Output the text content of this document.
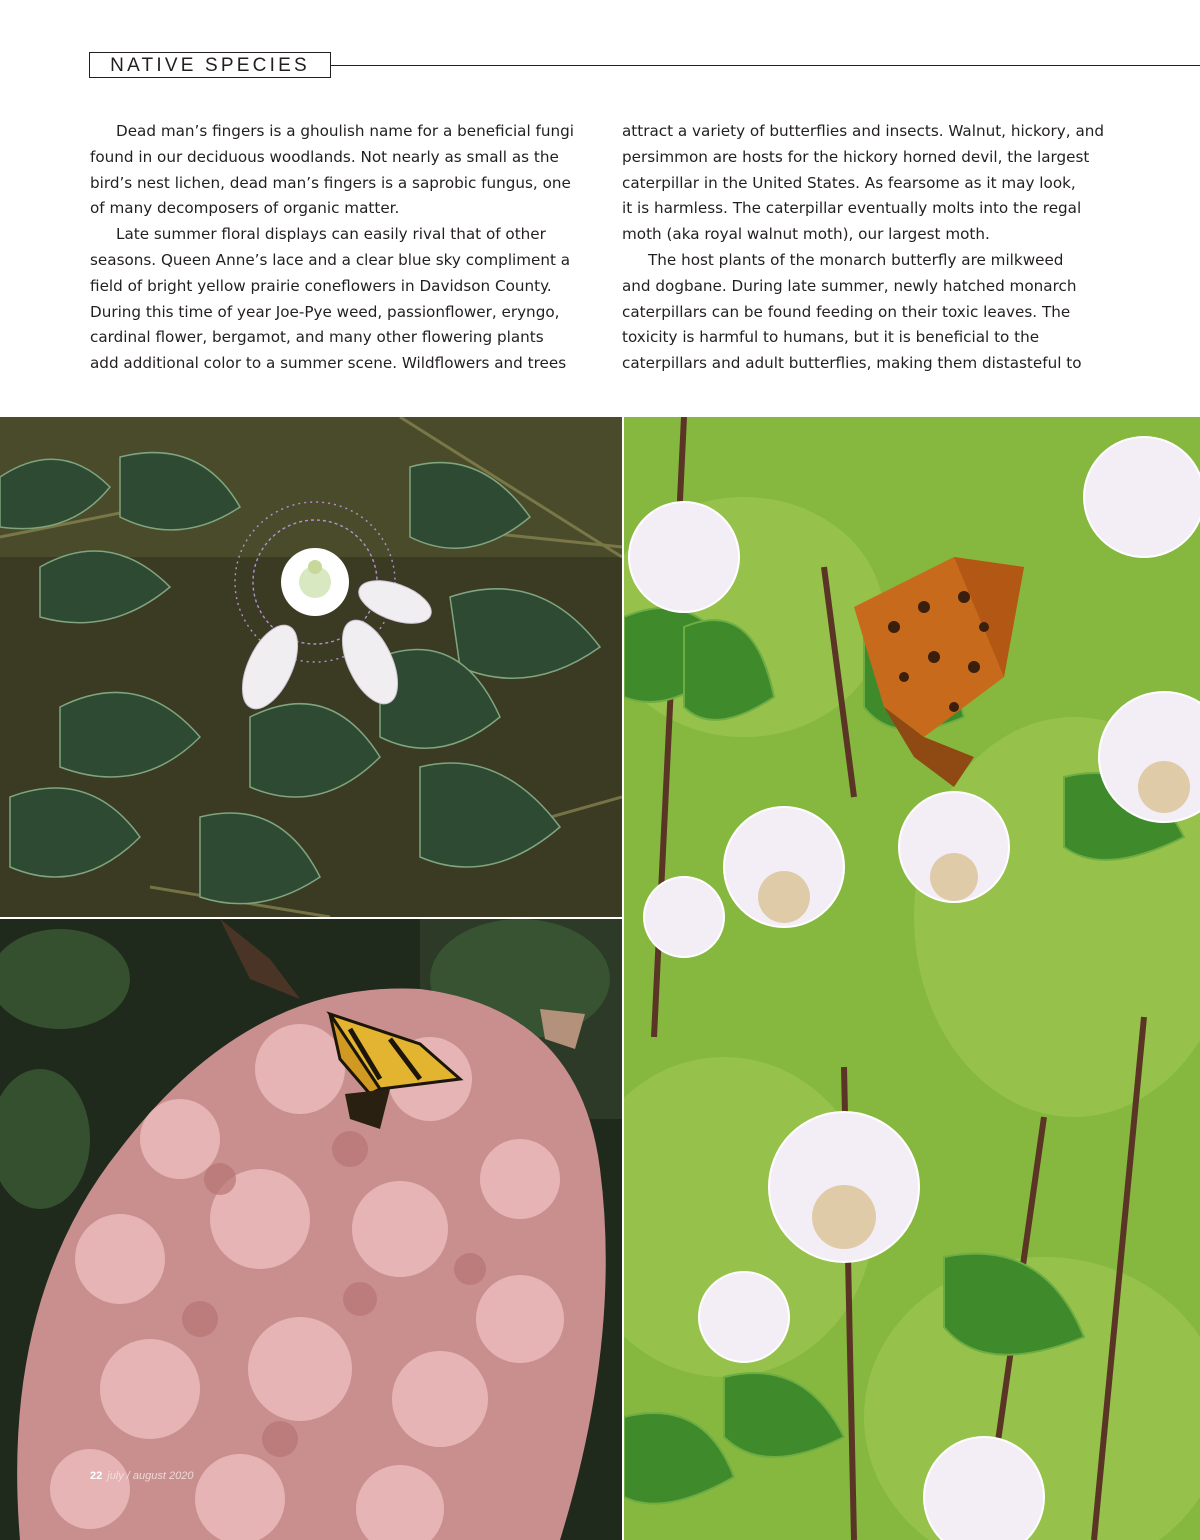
NATIVE SPECIES

Dead man’s fingers is a ghoulish name for a beneficial fungi
found in our deciduous woodlands. Not nearly as small as the
bird’s nest lichen, dead man’s fingers is a saprobic fungus, one
of many decomposers of organic matter.

Late summer floral displays can easily rival that of other
seasons. Queen Anne’s lace and a clear blue sky compliment a
field of bright yellow prairie coneflowers in Davidson County.
During this time of year Joe-Pye weed, passionflower, eryngo,
cardinal flower, bergamot, and many other flowering plants
add additional color to a summer scene. Wildflowers and trees

attract a variety of butterflies and insects. Walnut, hickory, and
persimmon are hosts for the hickory horned devil, the largest
caterpillar in the United States. As fearsome as it may look,
it is harmless. The caterpillar eventually molts into the regal
moth (aka royal walnut moth), our largest moth.

The host plants of the monarch butterfly are milkweed
and dogbane. During late summer, newly hatched monarch
caterpillars can be found feeding on their toxic leaves. The
toxicity is harmful to humans, but it is beneficial to the
caterpillars and adult butterflies, making them distasteful to

22 july / august 2020
